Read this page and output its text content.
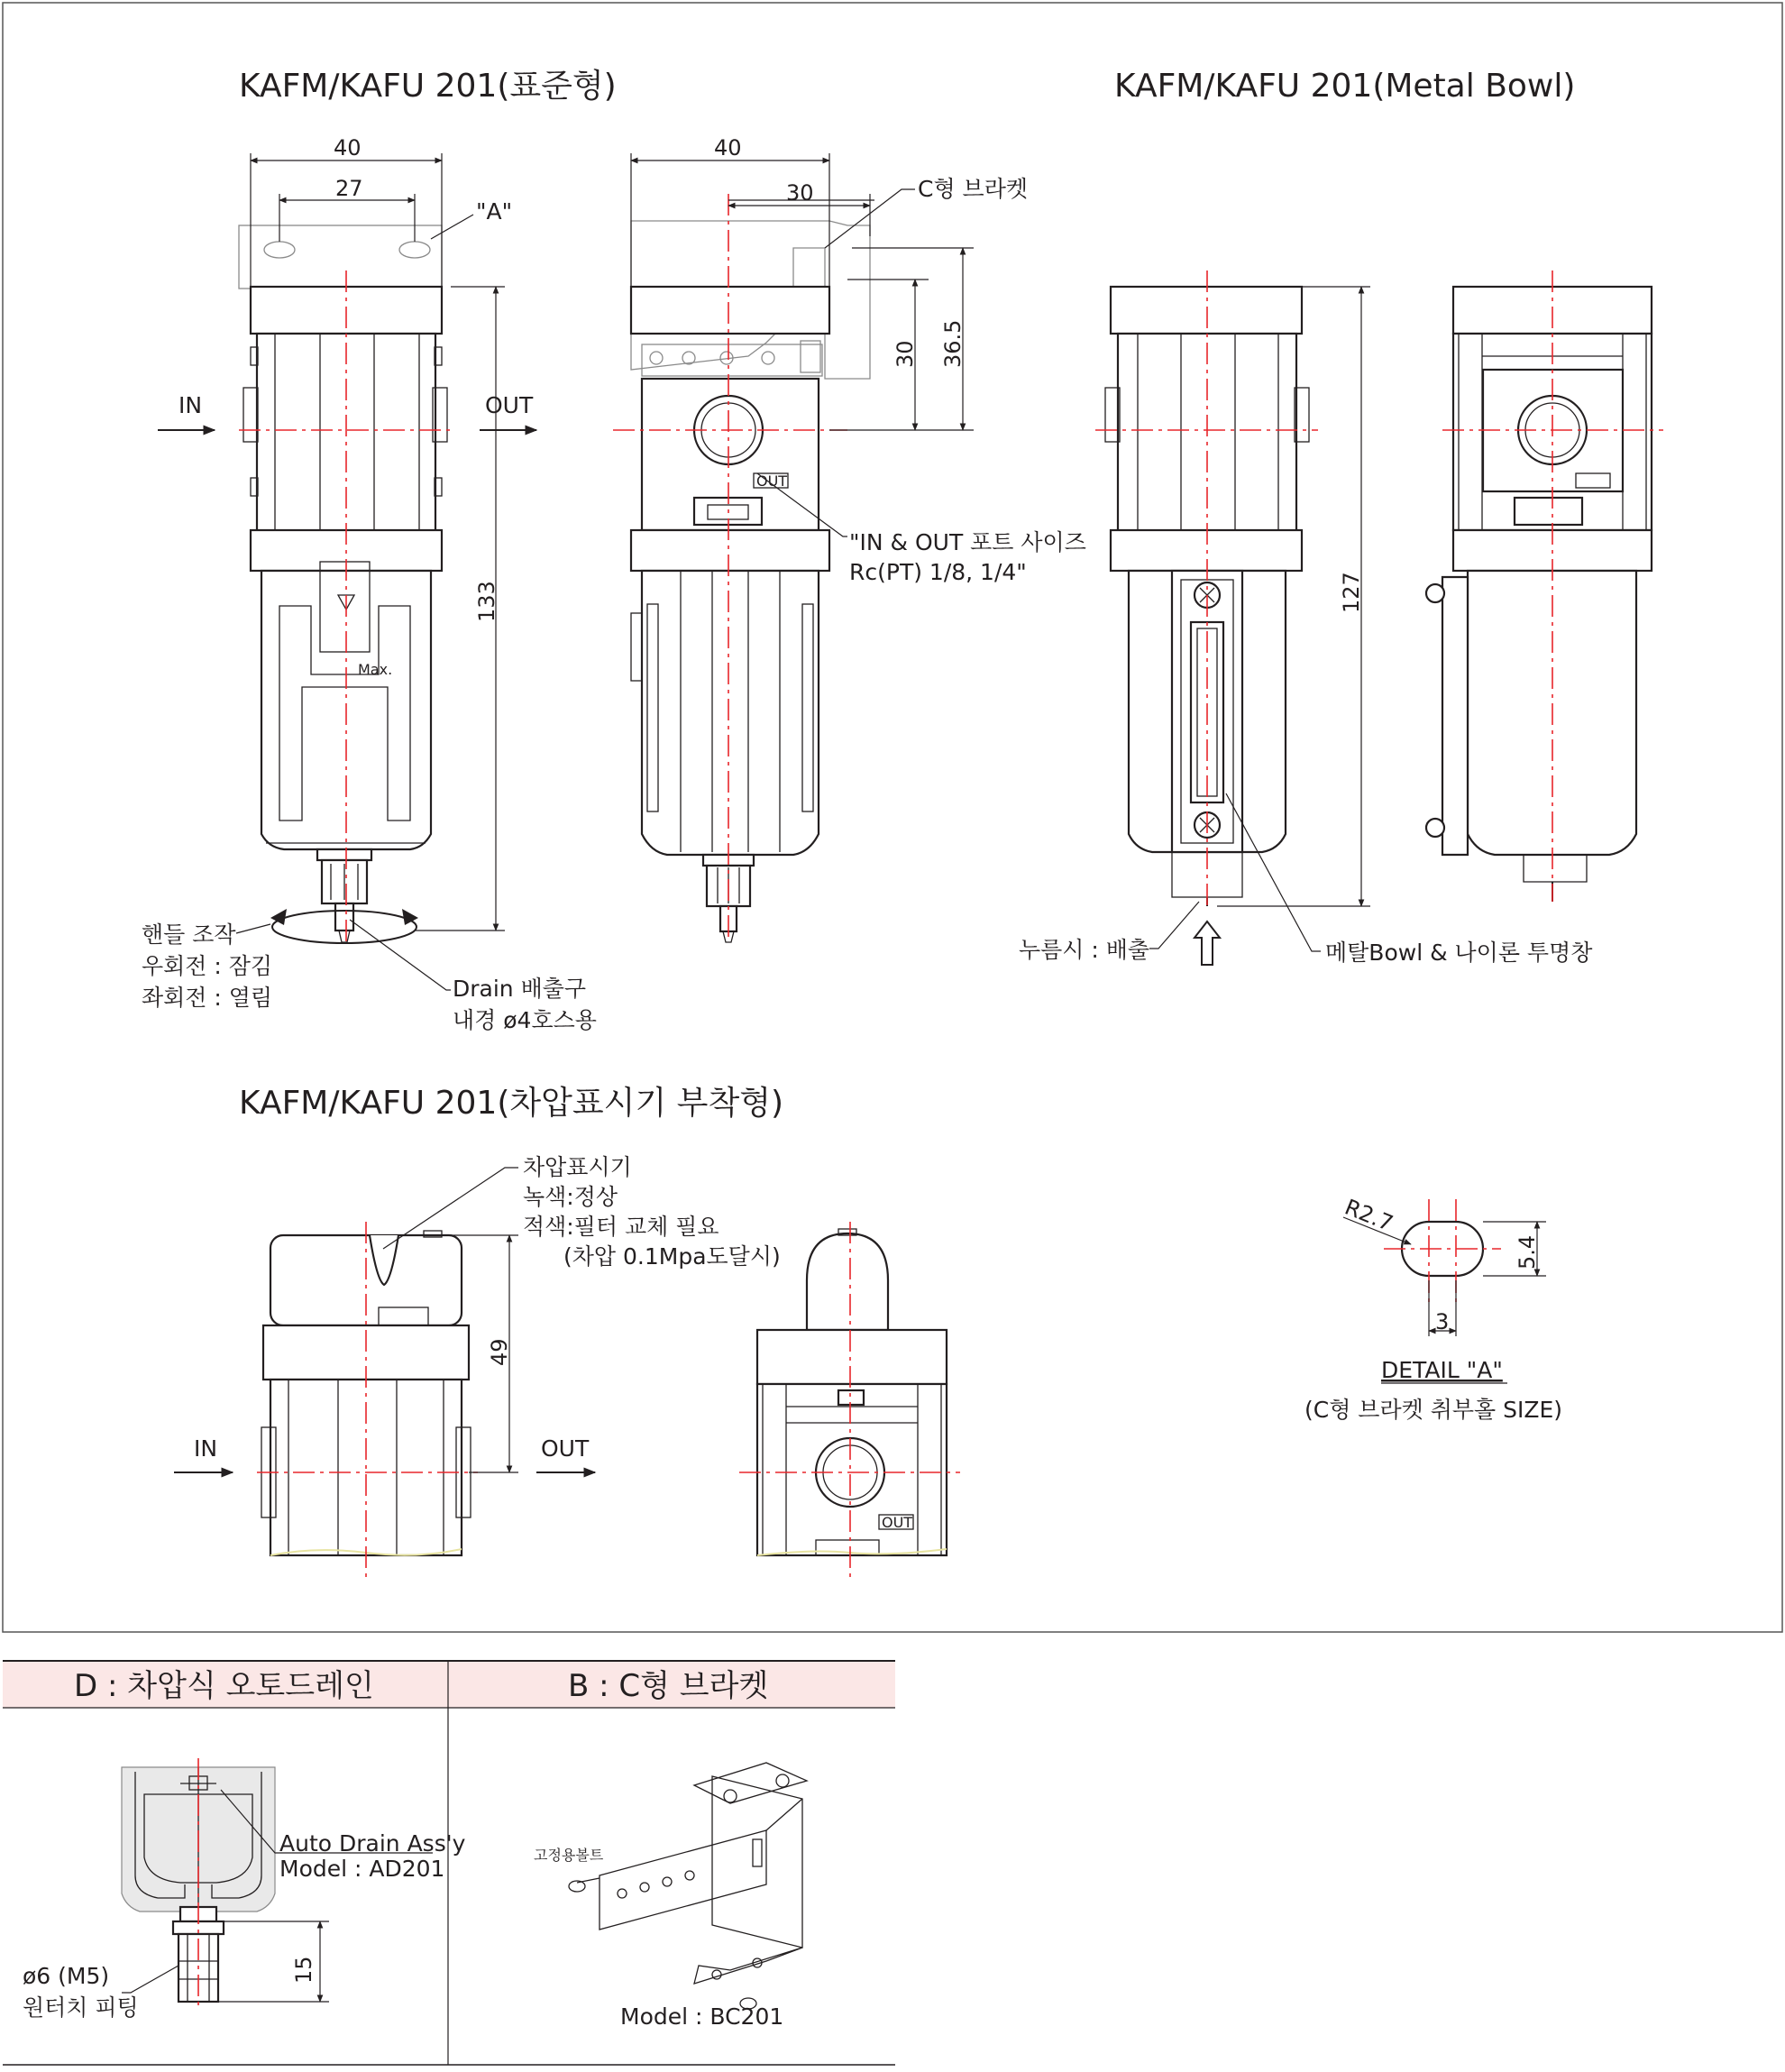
KAFM/KAFU 201(표준형)	KAFM/KAFU 201(Metal Bowl)
KAFM/KAFU 201(차압표시기 부착형)
Max.
IN	OUT
40
27
"A"
133
핸들 조작
우회전 : 잠김
좌회전 : 열림	Drain 배출구
내경 ø4호스용
OUT
40
30
30 36.5
C형 브라켓
"IN & OUT 포트 사이즈
Rc(PT) 1/8, 1/4"	127
누름시 : 배출	메탈Bowl & 나이론 투명창
IN	OUT
49
차압표시기
녹색:정상
적색:필터 교체 필요
(차압 0.1Mpa도달시)
OUT
5.4
3
R2.7
DETAIL "A"
(C형 브라켓 취부홀 SIZE)
D : 차압식 오토드레인	B : C형 브라켓
Auto Drain Ass'y
Model : AD201
15
ø6 (M5)
원터치 피팅
고정용볼트
Model : BC201
